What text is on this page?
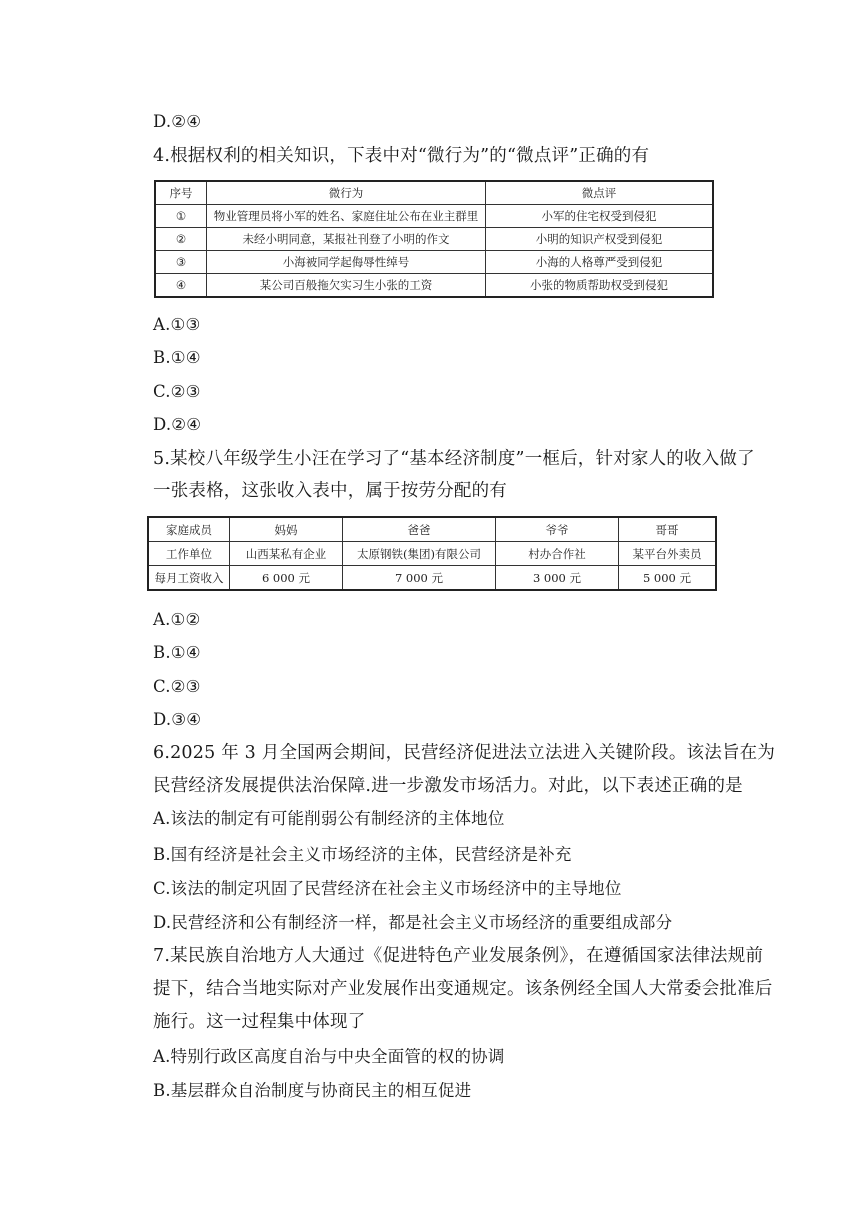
D.②④
4.根据权利的相关知识，下表中对“微行为”的“微点评”正确的有
序号	微行为	微点评
①	物业管理员将小军的姓名、家庭住址公布在业主群里	小军的住宅权受到侵犯
②	未经小明同意，某报社刊登了小明的作文	小明的知识产权受到侵犯
③	小海被同学起侮辱性绰号	小海的人格尊严受到侵犯
④	某公司百般拖欠实习生小张的工资	小张的物质帮助权受到侵犯
A.①③
B.①④
C.②③
D.②④
5.某校八年级学生小汪在学习了“基本经济制度”一框后，针对家人的收入做了
一张表格，这张收入表中，属于按劳分配的有
家庭成员	妈妈	爸爸	爷爷	哥哥
工作单位	山西某私有企业	太原钢铁(集团)有限公司	村办合作社	某平台外卖员
每月工资收入	6 000 元	7 000 元	3 000 元	5 000 元
A.①②
B.①④
C.②③
D.③④
6.2025 年 3 月全国两会期间，民营经济促进法立法进入关键阶段。该法旨在为
民营经济发展提供法治保障.进一步激发市场活力。对此，以下表述正确的是
A.该法的制定有可能削弱公有制经济的主体地位
B.国有经济是社会主义市场经济的主体，民营经济是补充
C.该法的制定巩固了民营经济在社会主义市场经济中的主导地位
D.民营经济和公有制经济一样，都是社会主义市场经济的重要组成部分
7.某民族自治地方人大通过《促进特色产业发展条例》，在遵循国家法律法规前
提下，结合当地实际对产业发展作出变通规定。该条例经全国人大常委会批准后
施行。这一过程集中体现了
A.特别行政区高度自治与中央全面管的权的协调
B.基层群众自治制度与协商民主的相互促进
